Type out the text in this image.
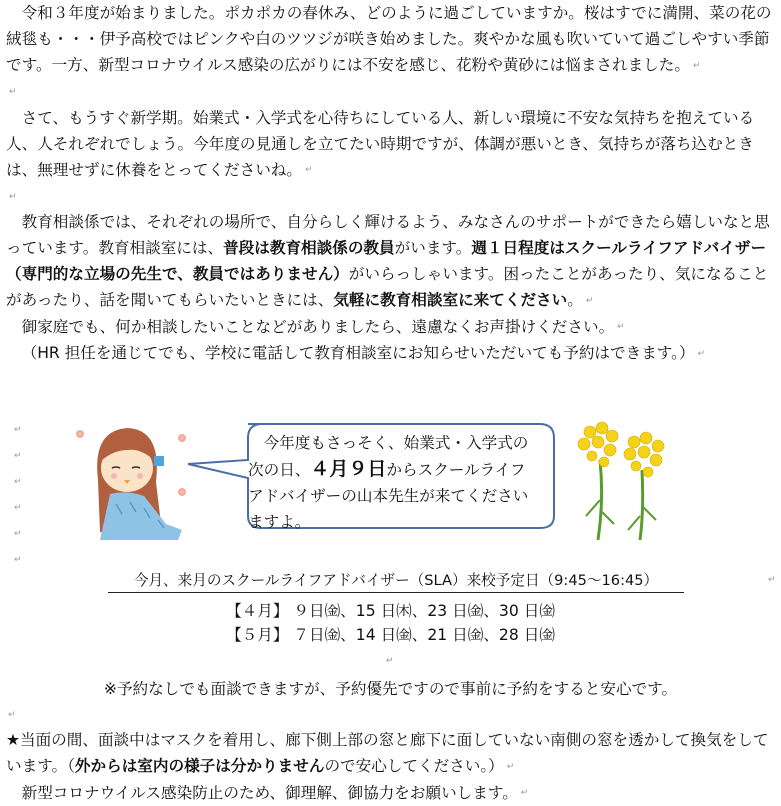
令和３年度が始まりました。ポカポカの春休み、どのように過ごしていますか。桜はすでに満開、菜の花の絨毯も・・・伊予高校ではピンクや白のツツジが咲き始めました。爽やかな風も吹いていて過ごしやすい季節です。一方、新型コロナウイルス感染の広がりには不安を感じ、花粉や黄砂には悩まされました。 ↵

↵

さて、もうすぐ新学期。始業式・入学式を心待ちにしている人、新しい環境に不安な気持ちを抱えている人、人それぞれでしょう。今年度の見通しを立てたい時期ですが、体調が悪いとき、気持ちが落ち込むときは、無理せずに休養をとってくださいね。 ↵

↵

教育相談係では、それぞれの場所で、自分らしく輝けるよう、みなさんのサポートができたら嬉しいなと思っています。教育相談室には、普段は教育相談係の教員がいます。週１日程度はスクールライフアドバイザー（専門的な立場の先生で、教員ではありません）がいらっしゃいます。困ったことがあったり、気になることがあったり、話を聞いてもらいたいときには、気軽に教育相談室に来てください。 ↵

御家庭でも、何か相談したいことなどがありましたら、遠慮なくお声掛けください。 ↵

（HR 担任を通じてでも、学校に電話して教育相談室にお知らせいただいても予約はできます。） ↵

↵
↵
↵
↵
↵
↵
今年度もさっそく、始業式・入学式の次の日、４月９日からスクールライフアドバイザーの山本先生が来てくださいますよ。
今月、来月のスクールライフアドバイザー（SLA）来校予定日（9:45～16:45）	↵
【４月】 ９日㈮、15 日㈭、23 日㈮、30 日㈮
【５月】 ７日㈮、14 日㈮、21 日㈮、28 日㈮
↵
※予約なしでも面談できますが、予約優先ですので事前に予約をすると安心です。
↵

★当面の間、面談中はマスクを着用し、廊下側上部の窓と廊下に面していない南側の窓を透かして換気をしています。（外からは室内の様子は分かりませんので安心してください。） ↵

新型コロナウイルス感染防止のため、御理解、御協力をお願いします。 ↵
